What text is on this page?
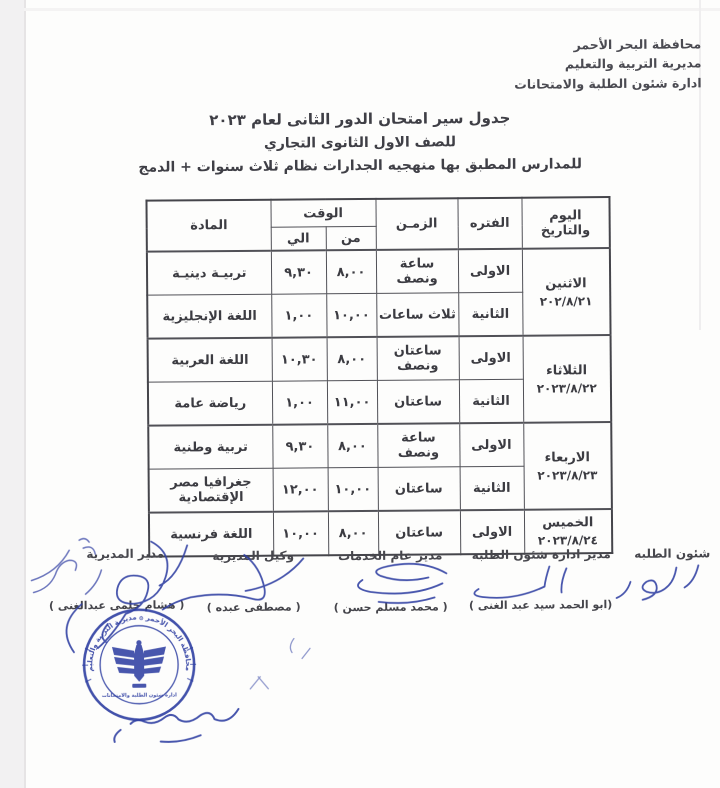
محافظة البحر الأحمر
مديرية التربية والتعليم
ادارة شئون الطلبة والامتحانات
جدول سير امتحان الدور الثانى لعام ٢٠٢٣
للصف الاول الثانوى التجاري
للمدارس المطبق بها منهجيه الجدارات نظام ثلاث سنوات + الدمج
اليوم والتاريخ	الفتره	الزمـن	الوقت		المادة
			من	الي	

الاثنين
٢٠٢/٨/٢١	الاولى	ساعة ونصف	٨,٠٠	٩,٣٠	تربيـة دينيـة
	الثانية	ثلاث ساعات	١٠,٠٠	١,٠٠	اللغة الإنجليزية

الثلاثاء
٢٠٢٣/٨/٢٢	الاولى	ساعتان ونصف	٨,٠٠	١٠,٣٠	اللغة العربية
	الثانية	ساعتان	١١,٠٠	١,٠٠	رياضة عامة

الاربعاء
٢٠٢٣/٨/٢٣	الاولى	ساعة ونصف	٨,٠٠	٩,٣٠	تربية وطنية
	الثانية	ساعتان	١٠,٠٠	١٢,٠٠	جغرافيا مصر الإقتصادية

الخميس
٢٠٢٣/٨/٢٤	الاولى	ساعتان	٨,٠٠	١٠,٠٠	اللغة فرنسية
شئون الطلبه
مدير ادارة شئون الطلبه
مدير عام الخدمات
وكيل المديرية
مدير المديرية
(ابو الحمد سيد عبد الغنى )
( محمد مسلم حسن )
( مصطفى عبده )
( هشام حلمى عبدالغنى )
محافظة البحر الأحمر ۞ مديرية التربية والتعليم
ادارة شئون الطلبة والامتحانات
